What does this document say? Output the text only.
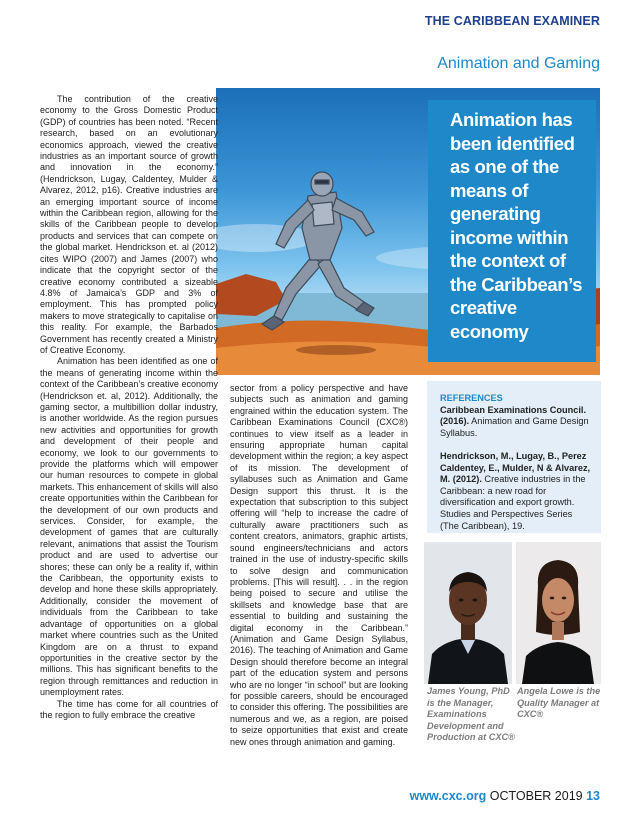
THE CARIBBEAN EXAMINER
Animation and Gaming

Animation has been identified as one of the means of generating income within the context of the Caribbean’s creative economy

The contribution of the creative economy to the Gross Domestic Product (GDP) of countries has been noted. “Recent research, based on an evolutionary economics approach, viewed the creative industries as an important source of growth and innovation in the economy.” (Hendrickson, Lugay, Caldentey, Mulder & Alvarez, 2012, p16). Creative industries are an emerging important source of income within the Caribbean region, allowing for the skills of the Caribbean people to develop products and services that can compete on the global market. Hendrickson et. al (2012) cites WIPO (2007) and James (2007) who indicate that the copyright sector of the creative economy contributed a sizeable 4.8% of Jamaica’s GDP and 3% of employment. This has prompted policy makers to move strategically to capitalise on this reality. For example, the Barbados Government has recently created a Ministry of Creative Economy.

Animation has been identified as one of the means of generating income within the context of the Caribbean’s creative economy (Hendrickson et. al, 2012). Additionally, the gaming sector, a multibillion dollar industry, is another worldwide. As the region pursues new activities and opportunities for growth and development of their people and economy, we look to our governments to provide the platforms which will empower our human resources to compete in global markets. This enhancement of skills will also create opportunities within the Caribbean for the development of our own products and services. Consider, for example, the development of games that are culturally relevant, animations that assist the Tourism product and are used to advertise our shores; these can only be a reality if, within the Caribbean, the opportunity exists to develop and hone these skills appropriately. Additionally, consider the movement of individuals from the Caribbean to take advantage of opportunities on a global market where countries such as the United Kingdom are on a thrust to expand opportunities in the creative sector by the millions. This has significant benefits to the region through remittances and reduction in unemployment rates.

The time has come for all countries of the region to fully embrace the creative

sector from a policy perspective and have subjects such as animation and gaming engrained within the education system. The Caribbean Examinations Council (CXC®) continues to view itself as a leader in ensuring appropriate human capital development within the region; a key aspect of its mission. The development of syllabuses such as Animation and Game Design support this thrust. It is the expectation that subscription to this subject offering will “help to increase the cadre of culturally aware practitioners such as content creators, animators, graphic artists, sound engineers/technicians and actors trained in the use of industry-specific skills to solve design and communication problems. [This will result]. . . in the region being poised to secure and utilise the skillsets and knowledge base that are essential to building and sustaining the digital economy in the Caribbean.” (Animation and Game Design Syllabus, 2016). The teaching of Animation and Game Design should therefore become an integral part of the education system and persons who are no longer “in school” but are looking for possible careers, should be encouraged to consider this offering. The possibilities are numerous and we, as a region, are poised to seize opportunities that exist and create new ones through animation and gaming.

REFERENCES
Caribbean Examinations Council. (2016). Animation and Game Design Syllabus.
Hendrickson, M., Lugay, B., Perez Caldentey, E., Mulder, N & Alvarez, M. (2012). Creative industries in the Caribbean: a new road for diversification and export growth. Studies and Perspectives Series (The Caribbean), 19.
James Young, PhD is the Manager, Examinations Development and Production at CXC®
Angela Lowe is the Quality Manager at CXC®
www.cxc.org OCTOBER 2019 13
